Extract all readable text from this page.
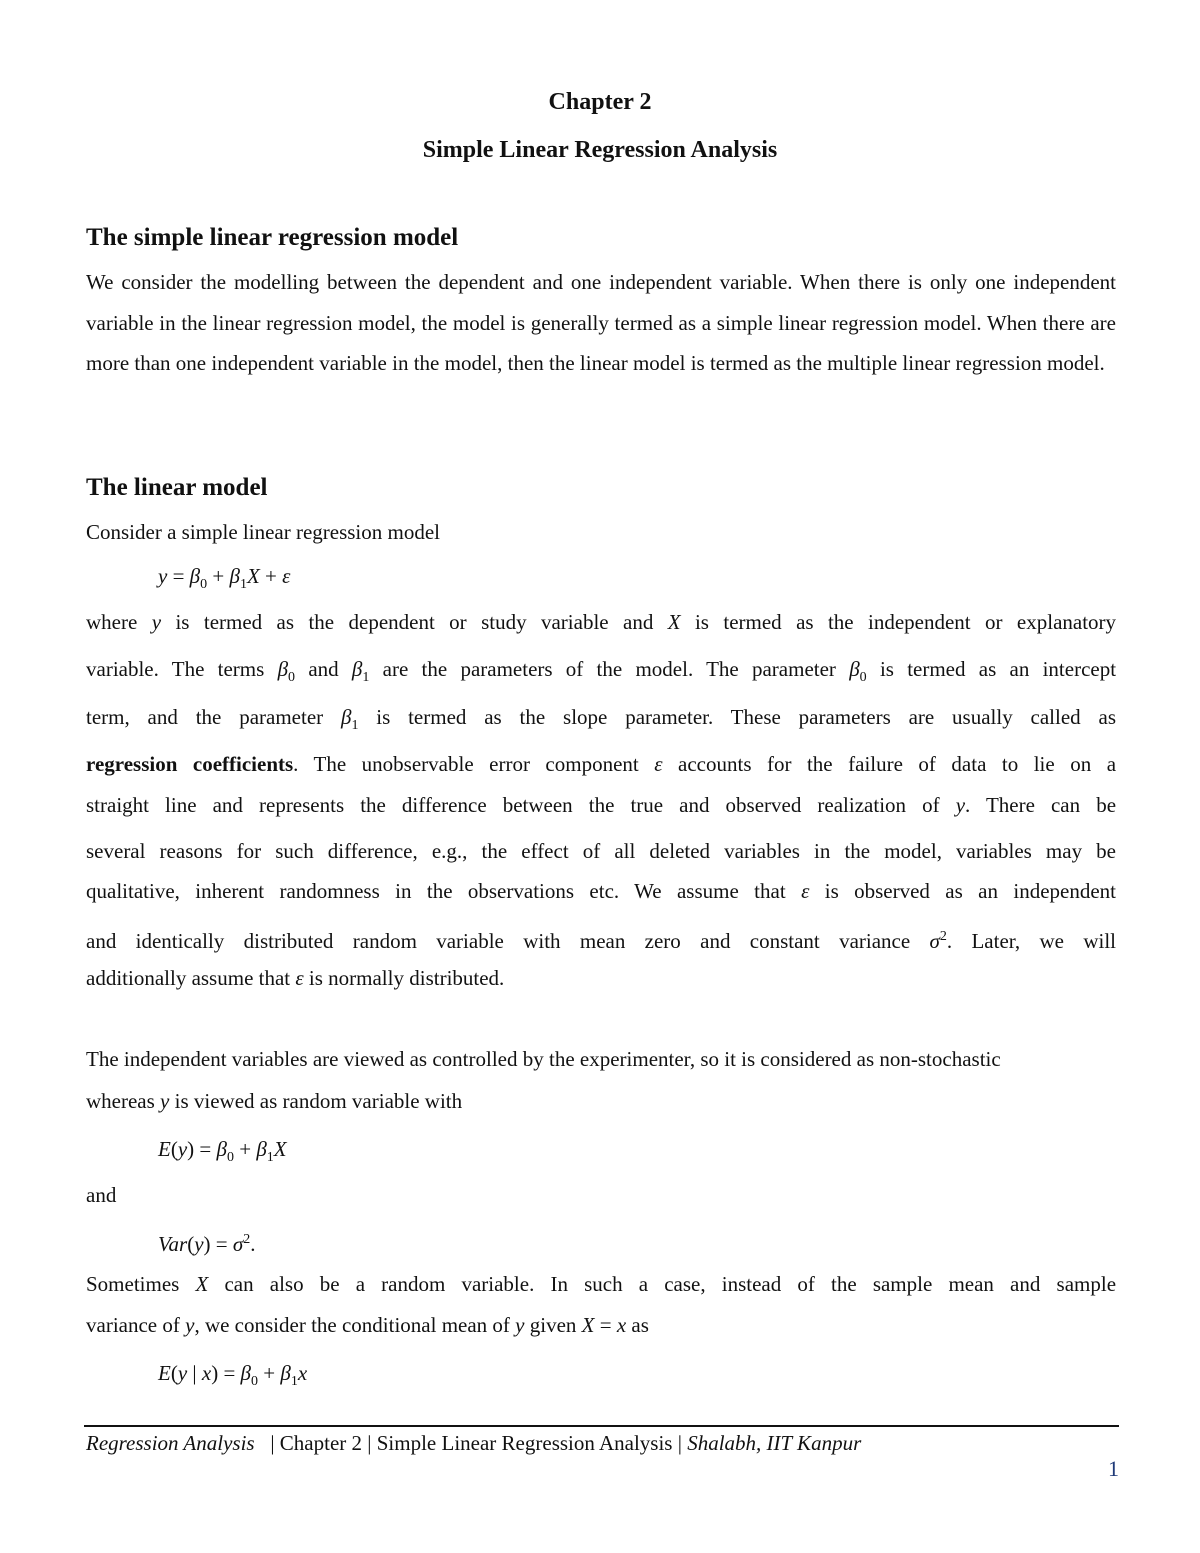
Chapter 2
Simple Linear Regression Analysis
The simple linear regression model

We consider the modelling between the dependent and one independent variable. When there is only one independent variable in the linear regression model, the model is generally termed as a simple linear regression model. When there are more than one independent variable in the model, then the linear model is termed as the multiple linear regression model.

The linear model
Consider a simple linear regression model
$y = \beta_0 + \beta_1X + \varepsilon$
where y is termed as the dependent or study variable and X is termed as the independent or explanatory
variable. The terms $\beta_0$ and $\beta_1$ are the parameters of the model. The parameter $\beta_0$ is termed as an intercept
term, and the parameter $\beta_1$ is termed as the slope parameter. These parameters are usually called as
regression coefficients. The unobservable error component ε accounts for the failure of data to lie on a
straight line and represents the difference between the true and observed realization of y. There can be
several reasons for such difference, e.g., the effect of all deleted variables in the model, variables may be
qualitative, inherent randomness in the observations etc. We assume that ε is observed as an independent
and identically distributed random variable with mean zero and constant variance $\sigma^2$. Later, we will
additionally assume that ε is normally distributed.
The independent variables are viewed as controlled by the experimenter, so it is considered as non-stochastic
whereas y is viewed as random variable with
$E(y) = \beta_0 + \beta_1X$
and
$Var(y) = \sigma^2$.
Sometimes X can also be a random variable. In such a case, instead of the sample mean and sample
variance of y, we consider the conditional mean of y given X = x as
E(y | $x) = \beta_0 + \beta_1x$
Regression Analysis | Chapter 2 | Simple Linear Regression Analysis | Shalabh, IIT Kanpur
1
